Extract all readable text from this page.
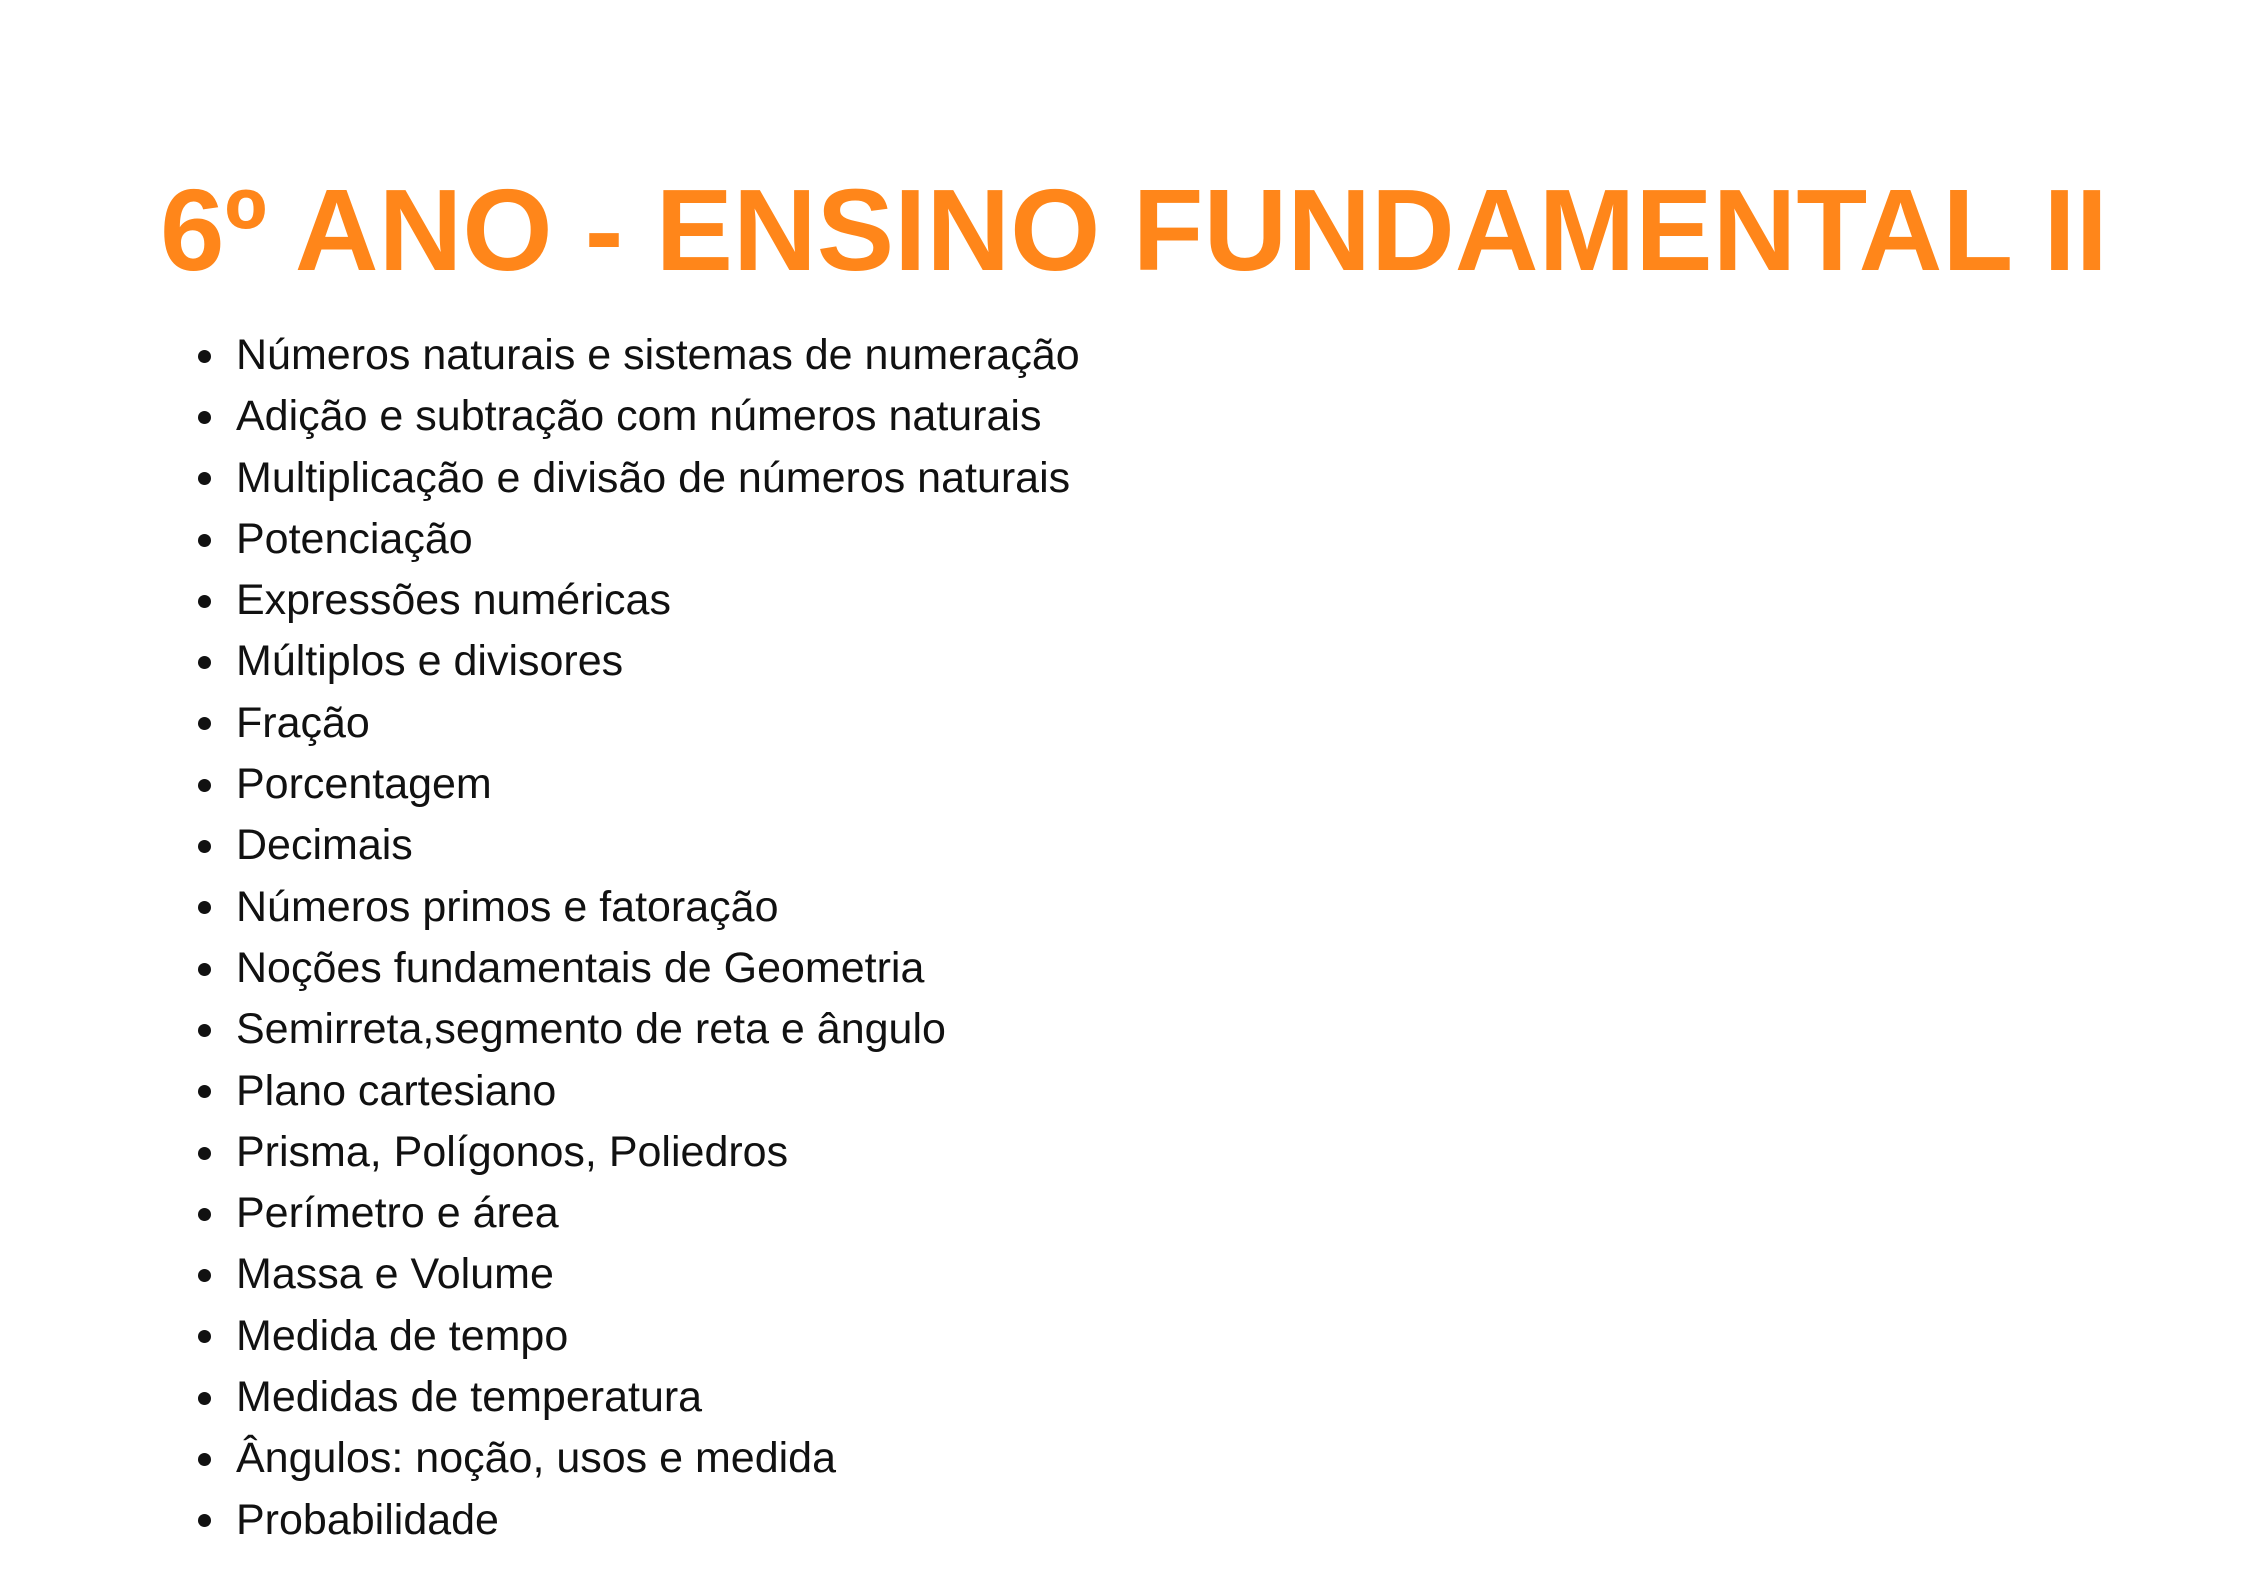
6º ANO - ENSINO FUNDAMENTAL II
Números naturais e sistemas de numeração
Adição e subtração com números naturais
Multiplicação e divisão de números naturais
Potenciação
Expressões numéricas
Múltiplos e divisores
Fração
Porcentagem
Decimais
Números primos e fatoração
Noções fundamentais de Geometria
Semirreta,segmento de reta e ângulo
Plano cartesiano
Prisma, Polígonos, Poliedros
Perímetro e área
Massa e Volume
Medida de tempo
Medidas de temperatura
Ângulos: noção, usos e medida
Probabilidade
